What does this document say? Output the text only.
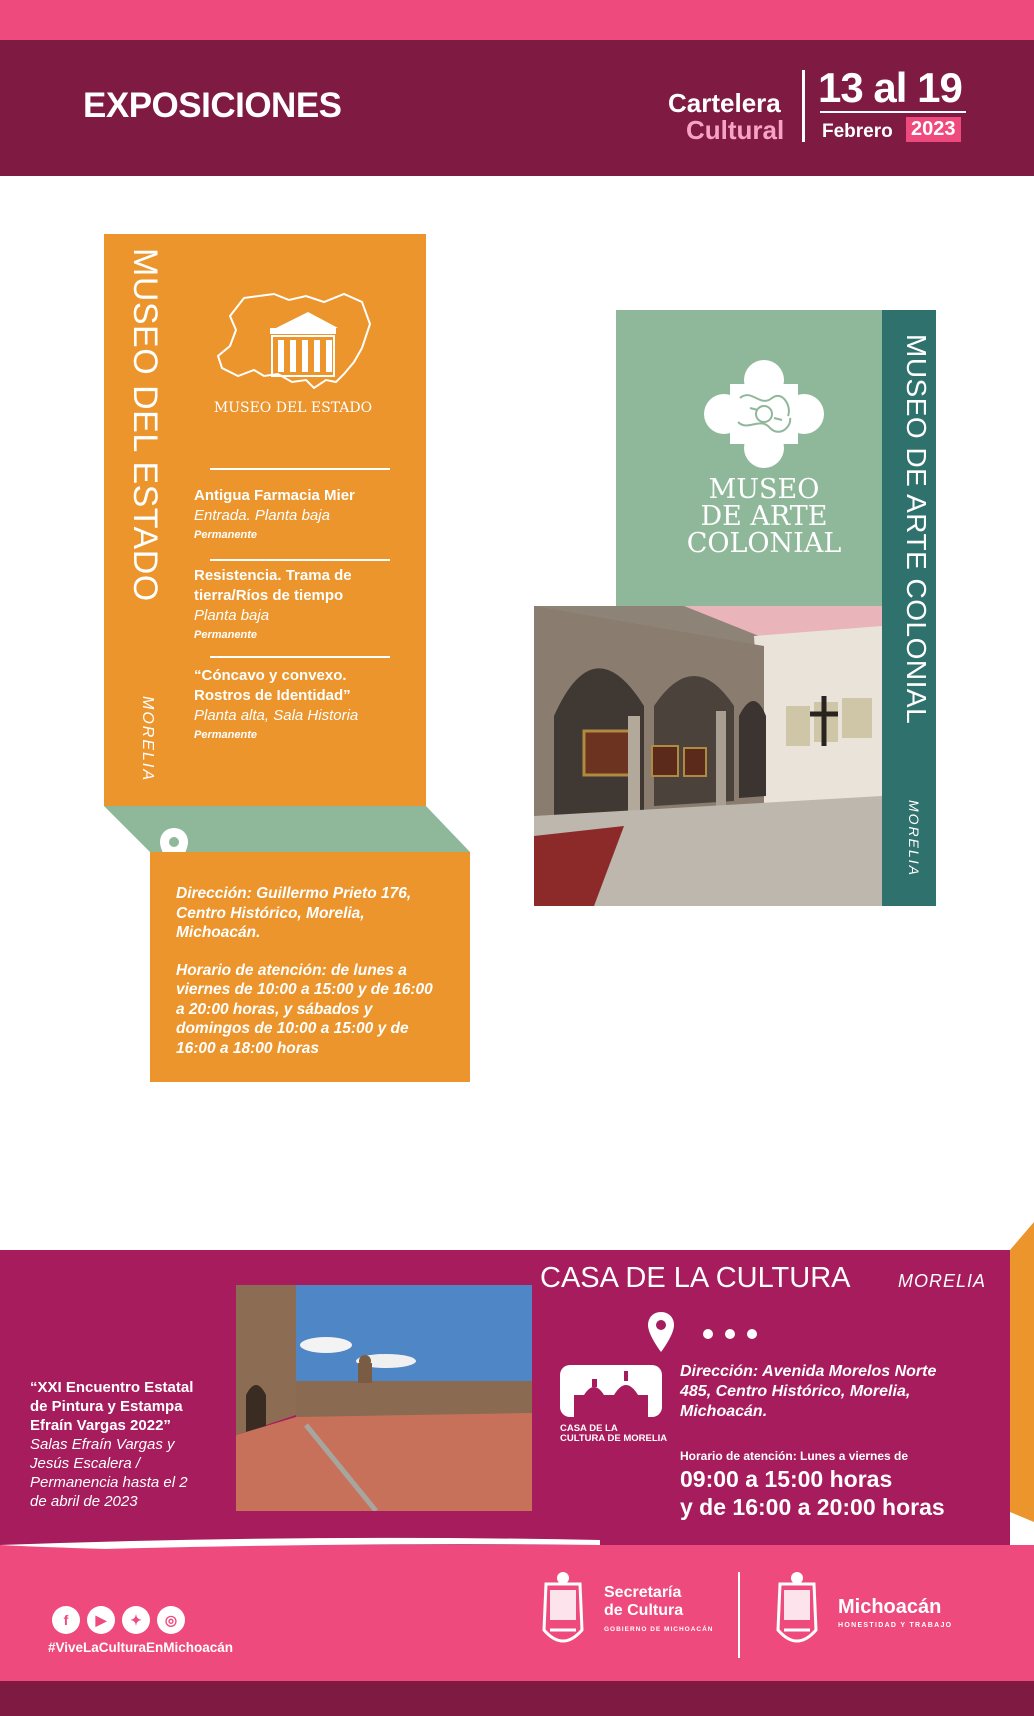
EXPOSICIONES	Cartelera
Cultural
13 al 19
Febrero 2023
MUSEO DEL ESTADO
MORELIA
MUSEO DEL ESTADO
Antigua Farmacia Mier
Entrada. Planta baja
Permanente
Resistencia. Trama de
tierra/Ríos de tiempo
Planta baja
Permanente
“Cóncavo y convexo.
Rostros de Identidad”
Planta alta, Sala Historia
Permanente
Dirección: Guillermo Prieto 176,
Centro Histórico, Morelia,
Michoacán.
Horario de atención: de lunes a
viernes de 10:00 a 15:00 y de 16:00
a 20:00 horas, y sábados y
domingos de 10:00 a 15:00 y de
16:00 a 18:00 horas
MUSEO DE ARTE COLONIAL
MORELIA
MUSEO
DE ARTE
COLONIAL
CASA DE LA CULTURA	MORELIA
“XXI Encuentro Estatal
de Pintura y Estampa
Efraín Vargas 2022”
Salas Efraín Vargas y
Jesús Escalera /
Permanencia hasta el 2
de abril de 2023
CASA DE LA
CULTURA DE MORELIA
Dirección: Avenida Morelos Norte
485, Centro Histórico, Morelia,
Michoacán.
Horario de atención: Lunes a viernes de
09:00 a 15:00 horas
y de 16:00 a 20:00 horas
f	▶	✦	◎
#ViveLaCulturaEnMichoacán
Secretaría
de Cultura
GOBIERNO DE MICHOACÁN
Michoacán
HONESTIDAD Y TRABAJO
